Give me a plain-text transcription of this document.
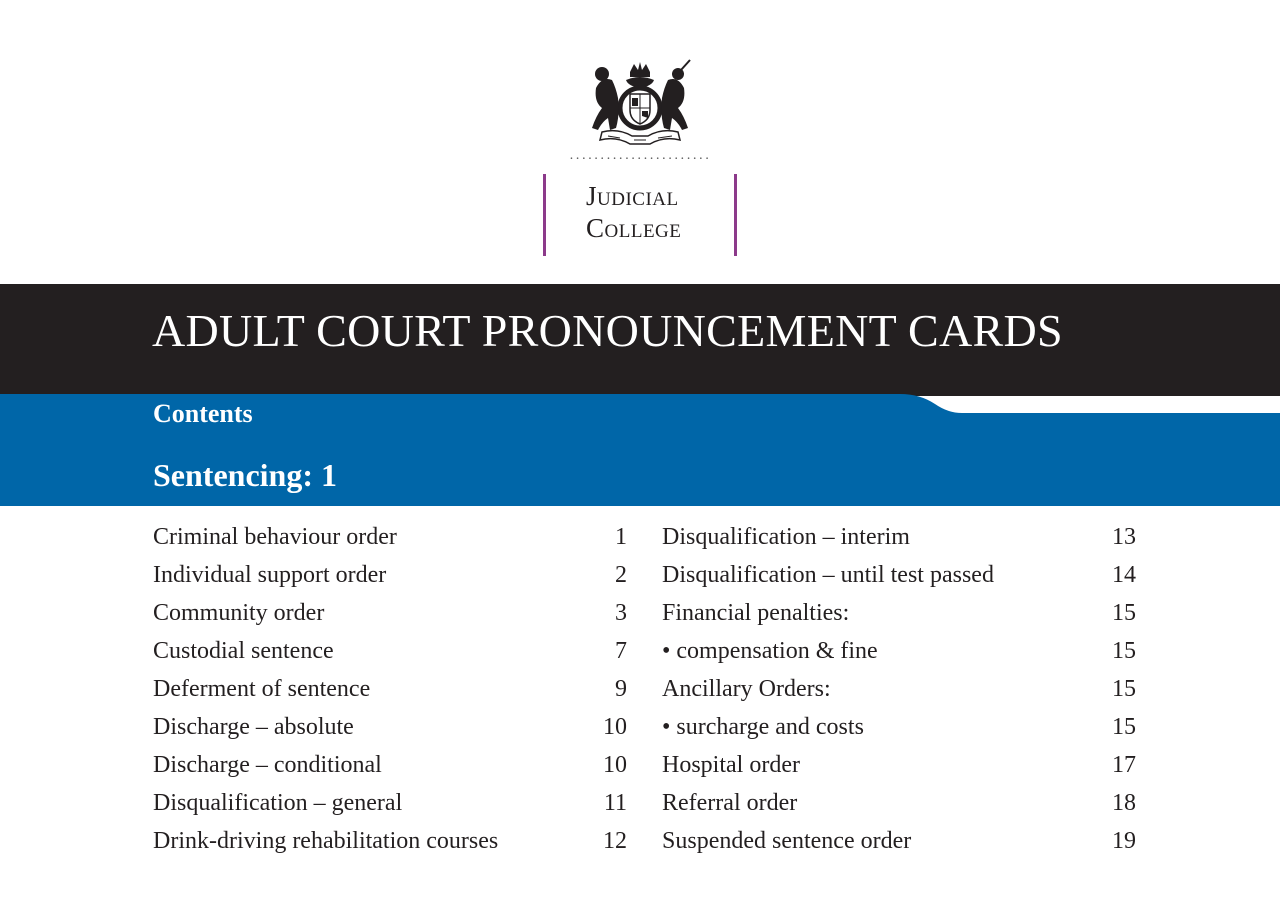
·······················
Judicial
College
ADULT COURT PRONOUNCEMENT CARDS
Contents	Updated November 2016
Sentencing: 1
Criminal behaviour order	1
Individual support order	2
Community order	3
Custodial sentence	7
Deferment of sentence	9
Discharge – absolute	10
Discharge – conditional	10
Disqualification – general	11
Drink-driving rehabilitation courses	12
Disqualification – interim	13
Disqualification – until test passed	14
Financial penalties:	15
• compensation & fine	15
Ancillary Orders:	15
• surcharge and costs	15
Hospital order	17
Referral order	18
Suspended sentence order	19
